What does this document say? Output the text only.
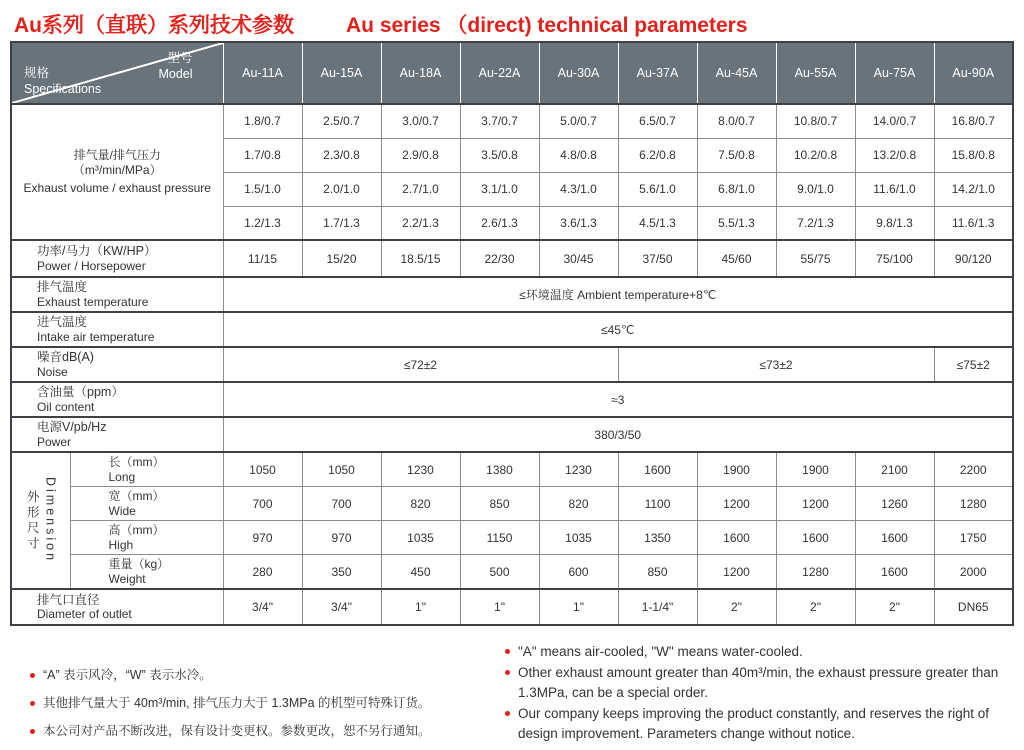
Au系列（直联）系列技术参数 Au series （direct) technical parameters
型号
Model
规格
Specifications		Au-11A	Au-15A	Au-18A	Au-22A	Au-30A	Au-37A	Au-45A	Au-55A	Au-75A	Au-90A

排气量/排气压力
（m³/min/MPa）
Exhaust volume / exhaust pressure		1.8/0.7	2.5/0.7	3.0/0.7	3.7/0.7	5.0/0.7	6.5/0.7	8.0/0.7	10.8/0.7	14.0/0.7	16.8/0.7
		1.7/0.8	2.3/0.8	2.9/0.8	3.5/0.8	4.8/0.8	6.2/0.8	7.5/0.8	10.2/0.8	13.2/0.8	15.8/0.8
		1.5/1.0	2.0/1.0	2.7/1.0	3.1/1.0	4.3/1.0	5.6/1.0	6.8/1.0	9.0/1.0	11.6/1.0	14.2/1.0
		1.2/1.3	1.7/1.3	2.2/1.3	2.6/1.3	3.6/1.3	4.5/1.3	5.5/1.3	7.2/1.3	9.8/1.3	11.6/1.3

功率/马力（KW/HP）
Power / Horsepower		11/15	15/20	18.5/15	22/30	30/45	37/50	45/60	55/75	75/100	90/120

排气温度
Exhaust temperature		≤环境温度 Ambient temperature+8℃									

进气温度
Intake air temperature		≤45℃									

噪音dB(A)
Noise		≤72±2					≤73±2				≤75±2

含油量（ppm）
Oil content		≈3									

电源V/pb/Hz
Power		380/3/50									

外形尺寸 Dimension

长（mm）
Long	1050	1050	1230	1380	1230	1600	1900	1900	2100	2200

	宽（mm）
Wide	700	700	820	850	820	1100	1200	1200	1260	1280

	高（mm）
High	970	970	1035	1150	1035	1350	1600	1600	1600	1750

	重量（kg）
Weight	280	350	450	500	600	850	1200	1280	1600	2000

排气口直径
Diameter of outlet		3/4"	3/4"	1"	1"	1"	1-1/4"	2"	2"	2"	DN65
“A” 表示风冷，“W” 表示水冷。
其他排气量大于 40m³/min, 排气压力大于 1.3MPa 的机型可特殊订货。
本公司对产品不断改进，保有设计变更权。参数更改，恕不另行通知。
"A" means air-cooled, "W" means water-cooled.
Other exhaust amount greater than 40m³/min, the exhaust pressure greater than 1.3MPa, can be a special order.
Our company keeps improving the product constantly, and reserves the right of design improvement. Parameters change without notice.
